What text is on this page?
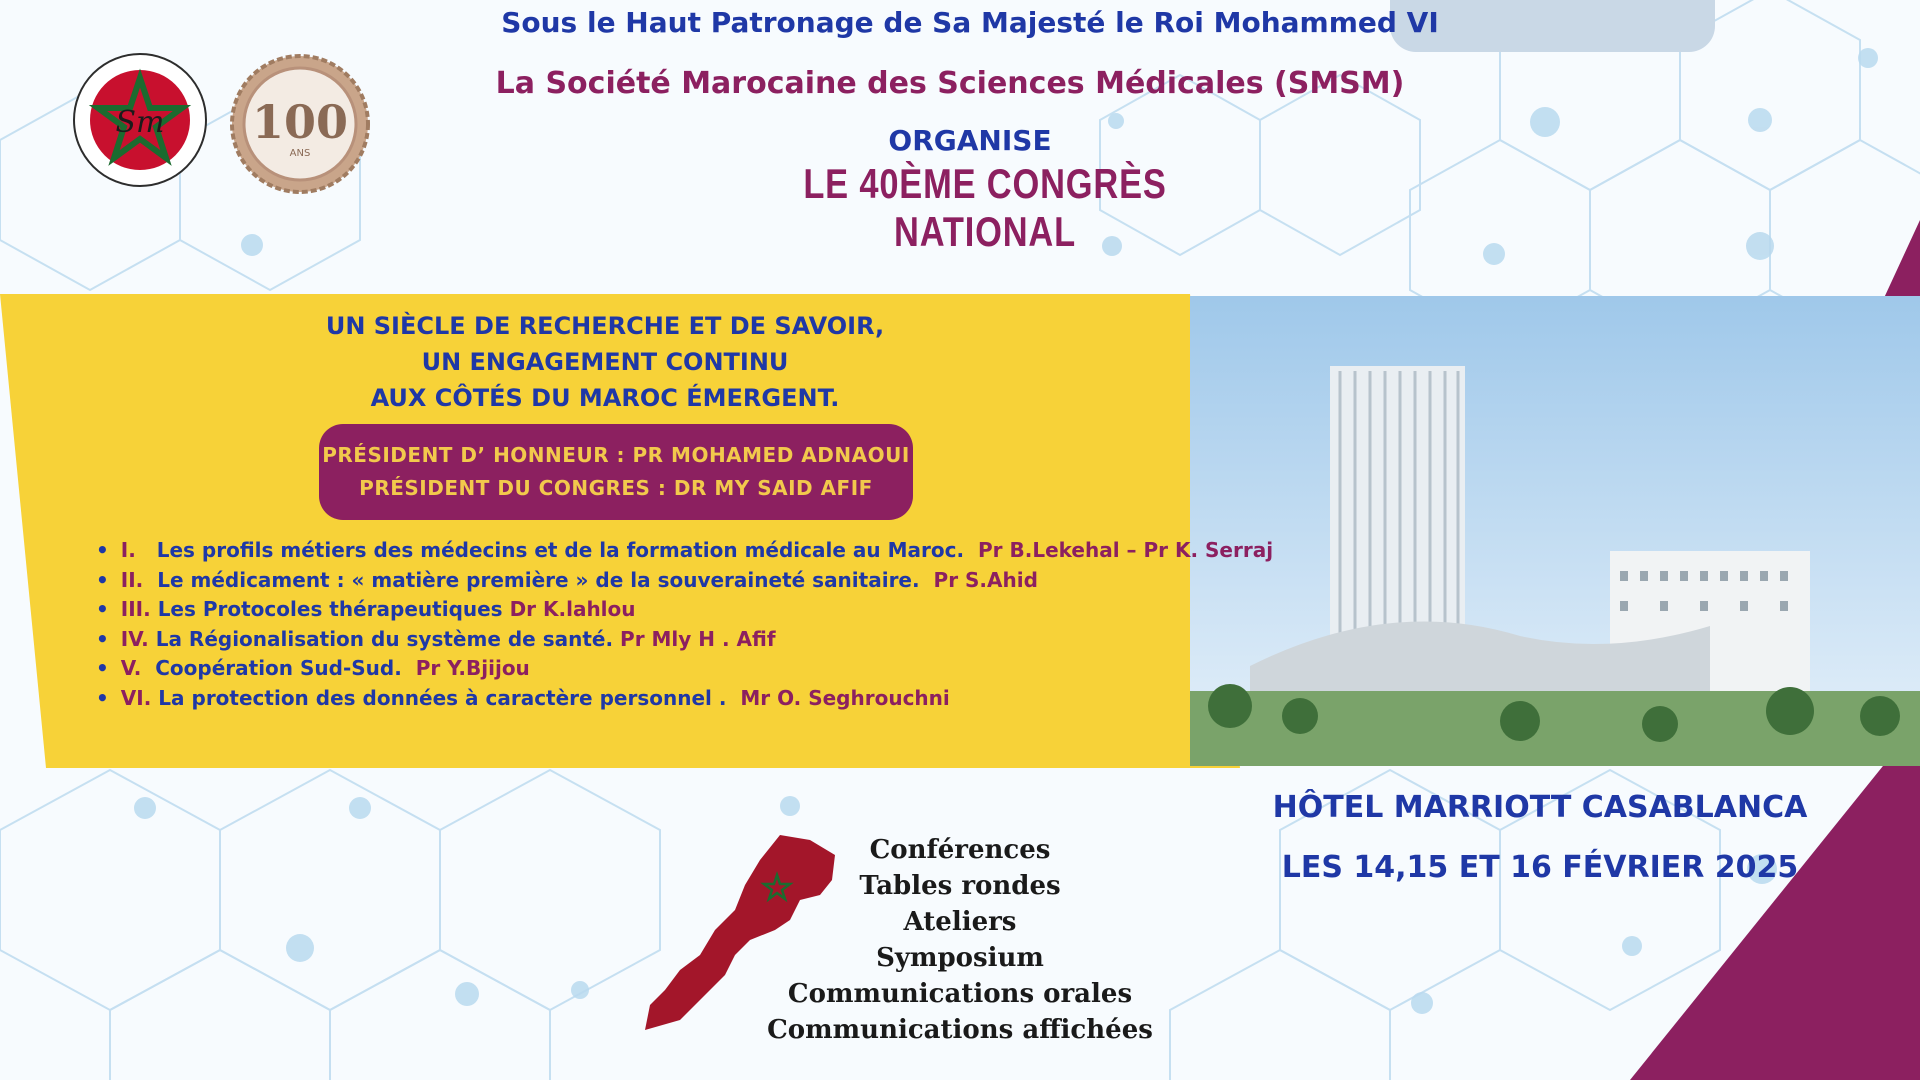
Sous le Haut Patronage de Sa Majesté le Roi Mohammed VI
La Société Marocaine des Sciences Médicales (SMSM)
ORGANISE
LE 40ÈME CONGRÈS NATIONAL
Sm 100
ANS
UN SIÈCLE DE RECHERCHE ET DE SAVOIR,
UN ENGAGEMENT CONTINU
AUX CÔTÉS DU MAROC ÉMERGENT.
PRÉSIDENT D’ HONNEUR : PR MOHAMED ADNAOUI
PRÉSIDENT DU CONGRES : DR MY SAID AFIF
• I. Les profils métiers des médecins et de la formation médicale au Maroc. Pr B.Lekehal – Pr K. Serraj
• II. Le médicament : « matière première » de la souveraineté sanitaire. Pr S.Ahid
• III. Les Protocoles thérapeutiques Dr K.lahlou
• IV. La Régionalisation du système de santé. Pr Mly H . Afif
• V. Coopération Sud-Sud. Pr Y.Bjijou
• VI. La protection des données à caractère personnel . Mr O. Seghrouchni
HÔTEL MARRIOTT CASABLANCA
LES 14,15 ET 16 FÉVRIER 2025
Conférences
Tables rondes
Ateliers
Symposium
Communications orales
Communications affichées
